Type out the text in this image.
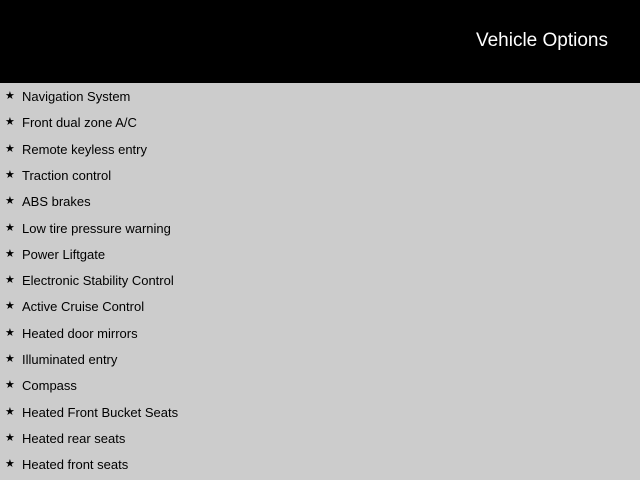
Vehicle Options
★ Navigation System
★ Front dual zone A/C
★ Remote keyless entry
★ Traction control
★ ABS brakes
★ Low tire pressure warning
★ Power Liftgate
★ Electronic Stability Control
★ Active Cruise Control
★ Heated door mirrors
★ Illuminated entry
★ Compass
★ Heated Front Bucket Seats
★ Heated rear seats
★ Heated front seats
